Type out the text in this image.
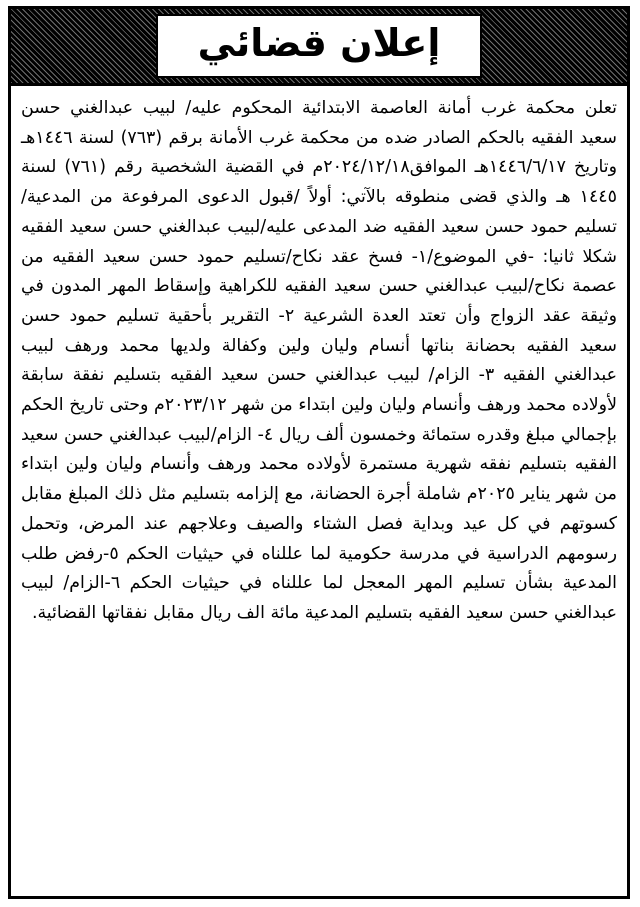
إعلان قضائي
تعلن محكمة غرب أمانة العاصمة الابتدائية المحكوم عليه/ لبيب عبدالغني حسن سعيد الفقيه بالحكم الصادر ضده من محكمة غرب الأمانة برقم (٧٦٣) لسنة ١٤٤٦هـ وتاريخ ١٤٤٦/٦/١٧هـ الموافق٢٠٢٤/١٢/١٨م في القضية الشخصية رقم (٧٦١) لسنة ١٤٤٥ هـ والذي قضى منطوقه بالآتي: أولاً /قبول الدعوى المرفوعة من المدعية/تسليم حمود حسن سعيد الفقيه ضد المدعى عليه/لبيب عبدالغني حسن سعيد الفقيه شكلا ثانيا: -في الموضوع/١- فسخ عقد نكاح/تسليم حمود حسن سعيد الفقيه من عصمة نكاح/لبيب عبدالغني حسن سعيد الفقيه للكراهية وإسقاط المهر المدون في وثيقة عقد الزواج وأن تعتد العدة الشرعية ٢- التقرير بأحقية تسليم حمود حسن سعيد الفقيه بحضانة بناتها أنسام وليان ولين وكفالة ولديها محمد ورهف لبيب عبدالغني الفقيه ٣- الزام/ لبيب عبدالغني حسن سعيد الفقيه بتسليم نفقة سابقة لأولاده محمد ورهف وأنسام وليان ولين ابتداء من شهر ٢٠٢٣/١٢م وحتى تاريخ الحكم بإجمالي مبلغ وقدره ستمائة وخمسون ألف ريال ٤- الزام/لبيب عبدالغني حسن سعيد الفقيه بتسليم نفقه شهرية مستمرة لأولاده محمد ورهف وأنسام وليان ولين ابتداء من شهر يناير ٢٠٢٥م شاملة أجرة الحضانة، مع إلزامه بتسليم مثل ذلك المبلغ مقابل كسوتهم في كل عيد وبداية فصل الشتاء والصيف وعلاجهم عند المرض، وتحمل رسومهم الدراسية في مدرسة حكومية لما عللناه في حيثيات الحكم ٥-رفض طلب المدعية بشأن تسليم المهر المعجل لما عللناه في حيثيات الحكم ٦-الزام/ لبيب عبدالغني حسن سعيد الفقيه بتسليم المدعية مائة الف ريال مقابل نفقاتها القضائية.
